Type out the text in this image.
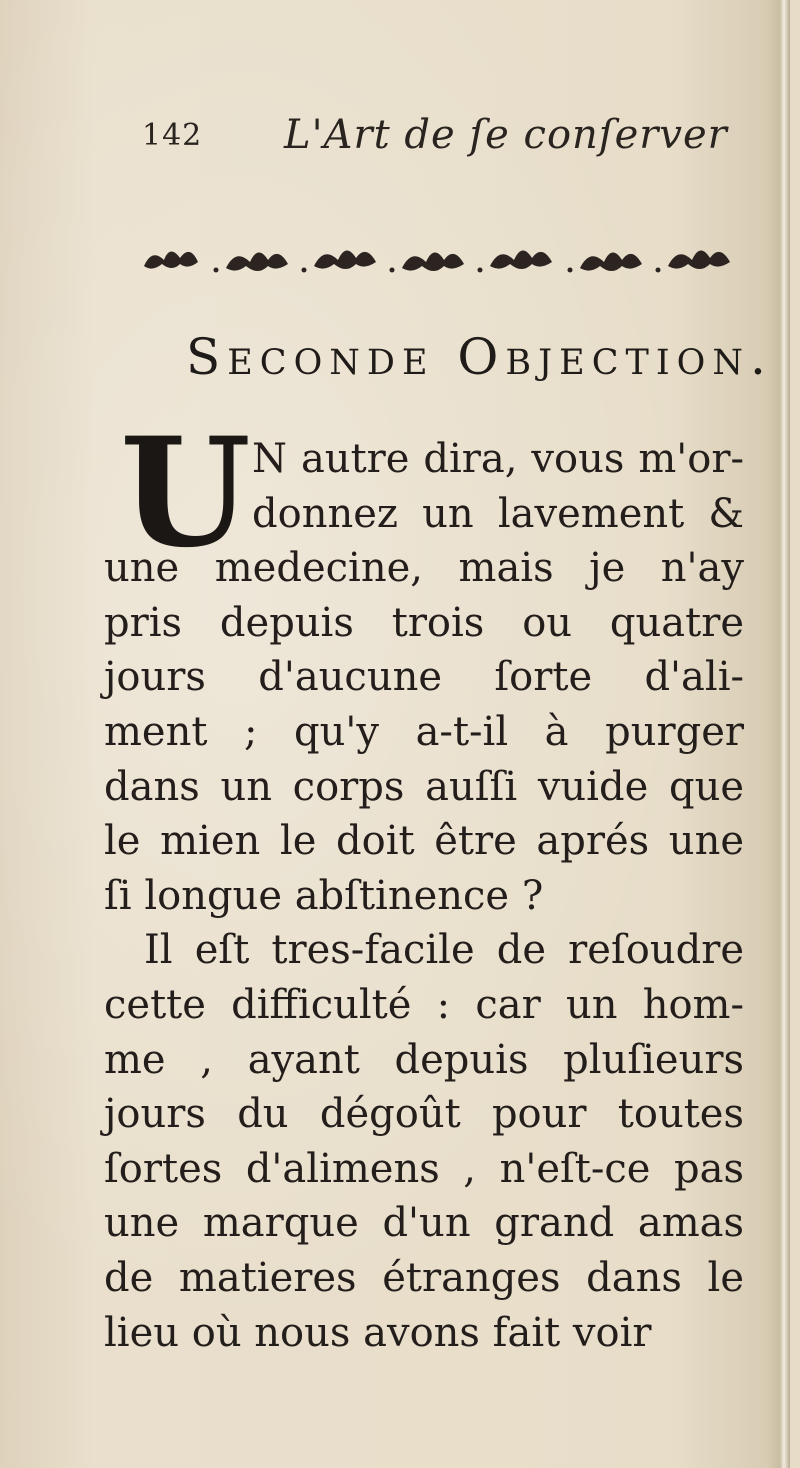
142 L'Art de ſe conſerver
Seconde Objection.
U N autre dira, vous m'or-
donnez un lavement &
une medecine, mais je n'ay
pris depuis trois ou quatre
jours d'aucune ſorte d'ali-
ment ; qu'y a-t-il à purger
dans un corps auſſi vuide que
le mien le doit être aprés une
ſi longue abſtinence ?
Il eſt tres-facile de reſoudre
cette difficulté : car un hom-
me , ayant depuis pluſieurs
jours du dégoût pour toutes
ſortes d'alimens , n'eſt-ce pas
une marque d'un grand amas
de matieres étranges dans le
lieu où nous avons fait voir
